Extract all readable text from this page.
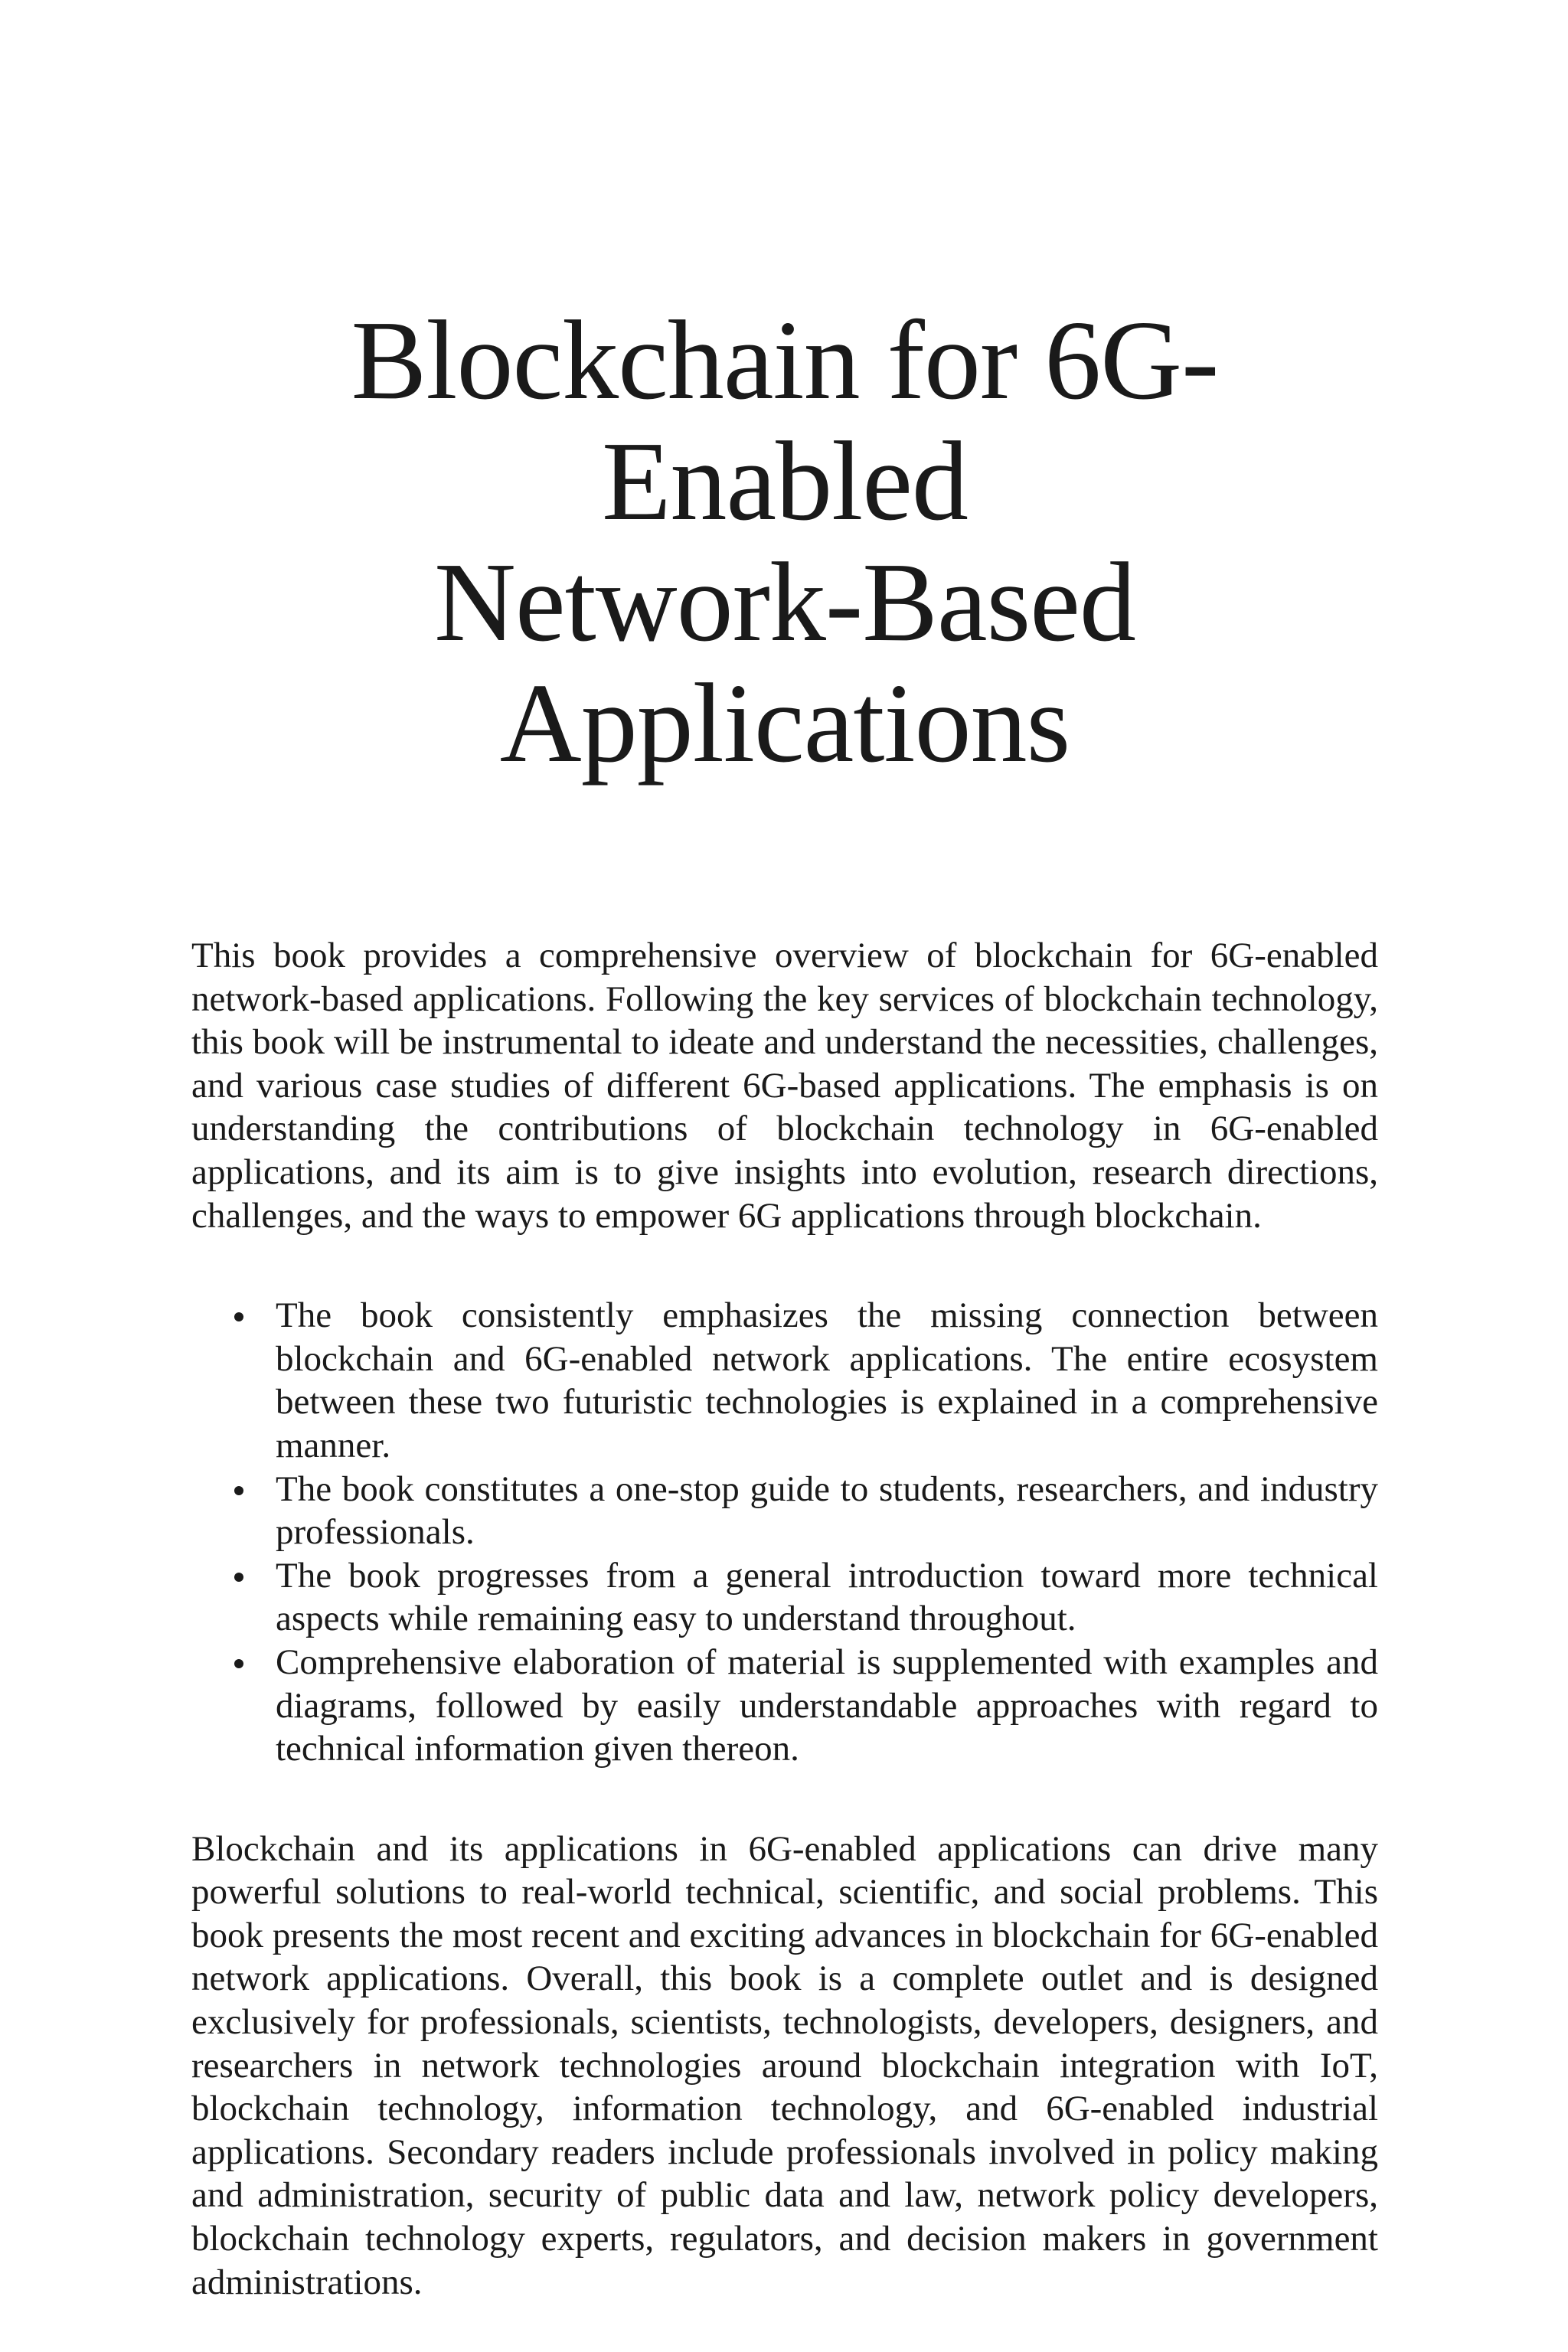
Blockchain for 6G-Enabled
Network-Based
Applications

This book provides a comprehensive overview of blockchain for 6G-enabled network-based applications. Following the key services of blockchain technology, this book will be instrumental to ideate and understand the necessities, challenges, and various case studies of different 6G-based applications. The emphasis is on understanding the contributions of blockchain technology in 6G-enabled applications, and its aim is to give insights into evolution, research directions, challenges, and the ways to empower 6G applications through blockchain.

The book consistently emphasizes the missing connection between blockchain and 6G-enabled network applications. The entire ecosystem between these two futuristic technologies is explained in a comprehensive manner.
The book constitutes a one-stop guide to students, researchers, and industry professionals.
The book progresses from a general introduction toward more technical aspects while remaining easy to understand throughout.
Comprehensive elaboration of material is supplemented with examples and diagrams, followed by easily understandable approaches with regard to technical information given thereon.

Blockchain and its applications in 6G-enabled applications can drive many powerful solutions to real-world technical, scientific, and social problems. This book presents the most recent and exciting advances in blockchain for 6G-enabled network applications. Overall, this book is a complete outlet and is designed exclusively for professionals, scientists, technologists, developers, designers, and researchers in network technologies around blockchain integration with IoT, blockchain technology, information technology, and 6G-enabled industrial applications. Secondary readers include professionals involved in policy making and administration, security of public data and law, network policy developers, blockchain technology experts, regulators, and decision makers in government administrations.
